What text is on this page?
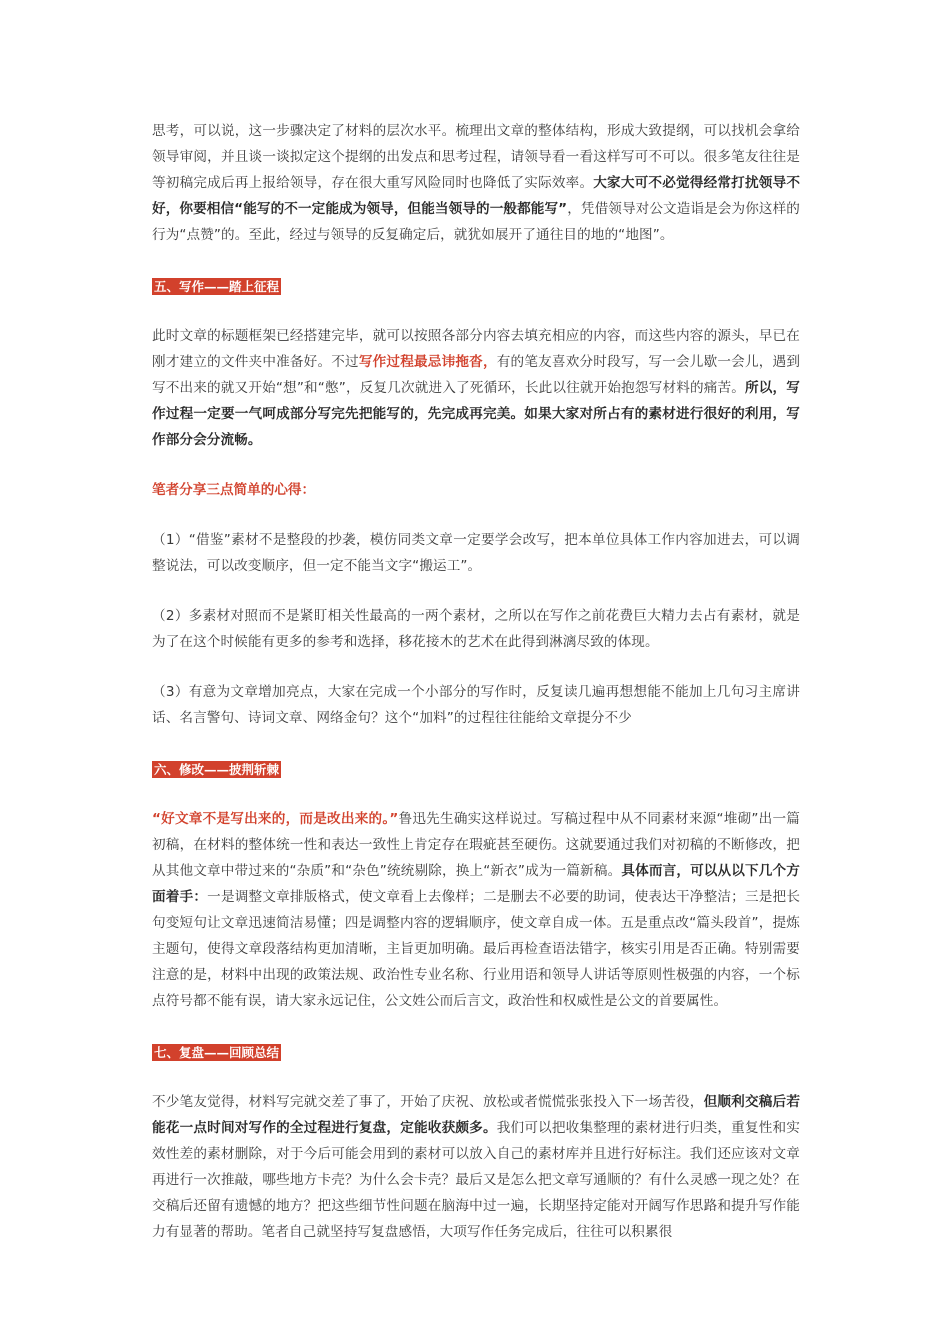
思考，可以说，这一步骤决定了材料的层次水平。梳理出文章的整体结构，形成大致提纲，可以找机会拿给领导审阅，并且谈一谈拟定这个提纲的出发点和思考过程，请领导看一看这样写可不可以。很多笔友往往是等初稿完成后再上报给领导，存在很大重写风险同时也降低了实际效率。大家大可不必觉得经常打扰领导不好，你要相信“能写的不一定能成为领导，但能当领导的一般都能写”，凭借领导对公文造诣是会为你这样的行为“点赞”的。至此，经过与领导的反复确定后，就犹如展开了通往目的地的“地图”。

五、写作——踏上征程

此时文章的标题框架已经搭建完毕，就可以按照各部分内容去填充相应的内容，而这些内容的源头，早已在刚才建立的文件夹中准备好。不过写作过程最忌讳拖沓，有的笔友喜欢分时段写，写一会儿歇一会儿，遇到写不出来的就又开始“想”和“憋”，反复几次就进入了死循环，长此以往就开始抱怨写材料的痛苦。所以，写作过程一定要一气呵成部分写完先把能写的，先完成再完美。如果大家对所占有的素材进行很好的利用，写作部分会分流畅。

笔者分享三点简单的心得：

（1）“借鉴”素材不是整段的抄袭，模仿同类文章一定要学会改写，把本单位具体工作内容加进去，可以调整说法，可以改变顺序，但一定不能当文字“搬运工”。

（2）多素材对照而不是紧盯相关性最高的一两个素材，之所以在写作之前花费巨大精力去占有素材，就是为了在这个时候能有更多的参考和选择，移花接木的艺术在此得到淋漓尽致的体现。

（3）有意为文章增加亮点，大家在完成一个小部分的写作时，反复读几遍再想想能不能加上几句习主席讲话、名言警句、诗词文章、网络金句？这个“加料”的过程往往能给文章提分不少

六、修改——披荆斩棘

“好文章不是写出来的，而是改出来的。”鲁迅先生确实这样说过。写稿过程中从不同素材来源“堆砌”出一篇初稿，在材料的整体统一性和表达一致性上肯定存在瑕疵甚至硬伤。这就要通过我们对初稿的不断修改，把从其他文章中带过来的“杂质”和“杂色”统统剔除，换上“新衣”成为一篇新稿。具体而言，可以从以下几个方面着手：一是调整文章排版格式，使文章看上去像样；二是删去不必要的助词，使表达干净整洁；三是把长句变短句让文章迅速简洁易懂；四是调整内容的逻辑顺序，使文章自成一体。五是重点改“篇头段首”，提炼主题句，使得文章段落结构更加清晰，主旨更加明确。最后再检查语法错字，核实引用是否正确。特别需要注意的是，材料中出现的政策法规、政治性专业名称、行业用语和领导人讲话等原则性极强的内容，一个标点符号都不能有误，请大家永远记住，公文姓公而后言文，政治性和权威性是公文的首要属性。

七、复盘——回顾总结

不少笔友觉得，材料写完就交差了事了，开始了庆祝、放松或者慌慌张张投入下一场苦役，但顺利交稿后若能花一点时间对写作的全过程进行复盘，定能收获颇多。我们可以把收集整理的素材进行归类，重复性和实效性差的素材删除，对于今后可能会用到的素材可以放入自己的素材库并且进行好标注。我们还应该对文章再进行一次推敲，哪些地方卡壳？为什么会卡壳？最后又是怎么把文章写通顺的？有什么灵感一现之处？在交稿后还留有遗憾的地方？把这些细节性问题在脑海中过一遍，长期坚持定能对开阔写作思路和提升写作能力有显著的帮助。笔者自己就坚持写复盘感悟，大项写作任务完成后，往往可以积累很
